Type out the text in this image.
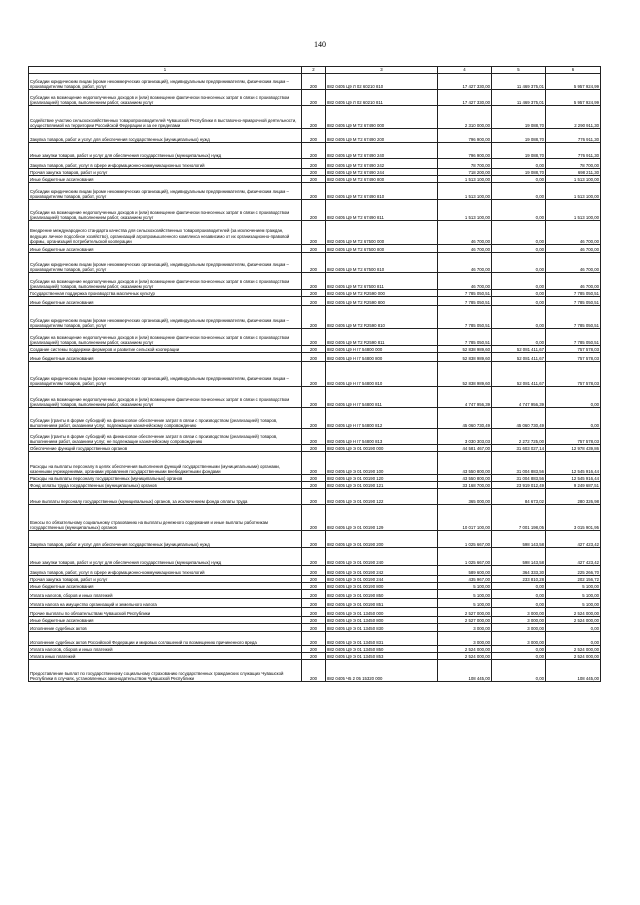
140
1	2	3	4	5	6
Субсидии юридическим лицам (кроме некоммерческих организаций), индивидуальным предпринимателям, физическим лицам – производителям товаров, работ, услуг	200	882 0405 Ц9 Л 02 60210 810	17 427 330,00	11 469 375,01	5 957 924,99
Субсидии на возмещение недополученных доходов и (или) возмещение фактически понесенных затрат в связи с производством (реализацией) товаров, выполнением работ, оказанием услуг	200	882 0405 Ц9 Л 02 60210 811	17 427 330,00	11 469 375,01	5 957 924,99
Содействие участию сельскохозяйственных товаропроизводителей Чувашской Республики в выставочно-ярмарочной деятельности, осуществляемой на территории Российской Федерации и за ее пределами	200	882 0405 Ц9 М Т2 67490 000	2 310 000,00	19 088,70	2 290 911,30
Закупка товаров, работ и услуг для обеспечения государственных (муниципальных) нужд	200	882 0405 Ц9 М Т2 67490 200	796 900,00	19 088,70	776 911,30
Иные закупки товаров, работ и услуг для обеспечения государственных (муниципальных) нужд	200	882 0405 Ц9 М Т2 67490 240	796 900,00	19 088,70	776 911,30
Закупка товаров, работ, услуг в сфере информационно-коммуникационных технологий	200	882 0405 Ц9 М Т2 67490 242	78 700,00	0,00	78 700,00
Прочая закупка товаров, работ и услуг	200	882 0405 Ц9 М Т2 67490 244	718 200,00	19 088,70	698 211,30
Иные бюджетные ассигнования	200	882 0405 Ц9 М Т2 67490 800	1 513 100,00	0,00	1 513 100,00
Субсидии юридическим лицам (кроме некоммерческих организаций), индивидуальным предпринимателям, физическим лицам – производителям товаров, работ, услуг	200	882 0405 Ц9 М Т2 67490 810	1 513 100,00	0,00	1 513 100,00
Субсидии на возмещение недополученных доходов и (или) возмещение фактически понесенных затрат в связи с производством (реализацией) товаров, выполнением работ, оказанием услуг	200	882 0405 Ц9 М Т2 67490 811	1 513 100,00	0,00	1 513 100,00
Внедрение международного стандарта качества для сельскохозяйственных товаропроизводителей (за исключением граждан, ведущих личное подсобное хозяйство), организаций агропромышленного комплекса независимо от их организационно-правовой формы, организаций потребительской кооперации	200	882 0405 Ц9 М Т2 67500 000	46 700,00	0,00	46 700,00
Иные бюджетные ассигнования	200	882 0405 Ц9 М Т2 67500 800	46 700,00	0,00	46 700,00
Субсидии юридическим лицам (кроме некоммерческих организаций), индивидуальным предпринимателям, физическим лицам – производителям товаров, работ, услуг	200	882 0405 Ц9 М Т2 67500 810	46 700,00	0,00	46 700,00
Субсидии на возмещение недополученных доходов и (или) возмещение фактически понесенных затрат в связи с производством (реализацией) товаров, выполнением работ, оказанием услуг	200	882 0405 Ц9 М Т2 67500 811	46 700,00	0,00	46 700,00
Государственная поддержка производства масличных культур	200	882 0405 Ц9 М Т2 R2590 000	7 785 050,51	0,00	7 785 050,51
Иные бюджетные ассигнования	200	882 0405 Ц9 М Т2 R2590 800	7 785 050,51	0,00	7 785 050,51
Субсидии юридическим лицам (кроме некоммерческих организаций), индивидуальным предпринимателям, физическим лицам – производителям товаров, работ, услуг	200	882 0405 Ц9 М Т2 R2590 810	7 785 050,51	0,00	7 785 050,51
Субсидии на возмещение недополученных доходов и (или) возмещение фактически понесенных затрат в связи с производством (реализацией) товаров, выполнением работ, оказанием услуг	200	882 0405 Ц9 М Т2 R2590 811	7 785 050,51	0,00	7 785 050,51
Создание системы поддержки фермеров и развитие сельской кооперации	200	882 0405 Ц9 Н I7 54800 000	52 838 989,60	52 081 411,67	757 578,03
Иные бюджетные ассигнования	200	882 0405 Ц9 Н I7 54800 800	52 838 989,60	52 081 411,67	757 578,03
Субсидии юридическим лицам (кроме некоммерческих организаций), индивидуальным предпринимателям, физическим лицам – производителям товаров, работ, услуг	200	882 0405 Ц9 Н I7 54800 810	52 838 989,60	52 081 411,67	757 578,03
Субсидии на возмещение недополученных доходов и (или) возмещение фактически понесенных затрат в связи с производством (реализацией) товаров, выполнением работ, оказанием услуг	200	882 0405 Ц9 Н I7 54800 811	4 747 956,39	4 747 956,39	0,00
Субсидии (гранты в форме субсидий) на финансовое обеспечение затрат в связи с производством (реализацией) товаров, выполнением работ, оказанием услуг, подлежащие казначейскому сопровождению	200	882 0405 Ц9 Н I7 54800 812	45 060 730,49	45 060 730,49	0,00
Субсидии (гранты в форме субсидий) на финансовое обеспечение затрат в связи с производством (реализацией) товаров, выполнением работ, оказанием услуг, не подлежащие казначейскому сопровождению	200	882 0405 Ц9 Н I7 54800 813	3 030 303,03	2 272 725,00	757 578,03
Обеспечение функций государственных органов	200	882 0405 Ц9 Э 01 00190 000	44 581 467,00	31 603 027,14	12 978 439,86
Расходы на выплаты персоналу в целях обеспечения выполнения функций государственными (муниципальными) органами, казенными учреждениями, органами управления государственными внебюджетными фондами	200	882 0405 Ц9 Э 01 00190 100	43 550 800,00	31 004 883,56	12 545 916,44
Расходы на выплаты персоналу государственных (муниципальных) органов	200	882 0405 Ц9 Э 01 00190 120	43 550 800,00	31 004 883,56	12 545 916,44
Фонд оплаты труда государственных (муниципальных) органов	200	882 0405 Ц9 Э 01 00190 121	33 168 700,00	23 919 012,49	9 249 687,51
Иные выплаты персоналу государственных (муниципальных) органов, за исключением фонда оплаты труда	200	882 0405 Ц9 Э 01 00190 122	365 000,00	84 673,02	280 326,98
Взносы по обязательному социальному страхованию на выплаты денежного содержания и иные выплаты работникам государственных (муниципальных) органов	200	882 0405 Ц9 Э 01 00190 129	10 017 100,00	7 001 198,05	3 015 901,95
Закупка товаров, работ и услуг для обеспечения государственных (муниципальных) нужд	200	882 0405 Ц9 Э 01 00190 200	1 025 667,00	598 143,58	427 423,42
Иные закупки товаров, работ и услуг для обеспечения государственных (муниципальных) нужд	200	882 0405 Ц9 Э 01 00190 240	1 025 667,00	598 143,58	427 423,42
Закупка товаров, работ, услуг в сфере информационно-коммуникационных технологий	200	882 0405 Ц9 Э 01 00190 242	589 600,00	364 333,30	225 266,70
Прочая закупка товаров, работ и услуг	200	882 0405 Ц9 Э 01 00190 244	435 967,00	233 810,28	202 156,72
Иные бюджетные ассигнования	200	882 0405 Ц9 Э 01 00190 800	5 100,00	0,00	5 100,00
Уплата налогов, сборов и иных платежей	200	882 0405 Ц9 Э 01 00190 850	5 100,00	0,00	5 100,00
Уплата налога на имущество организаций и земельного налога	200	882 0405 Ц9 Э 01 00190 851	5 100,00	0,00	5 100,00
Прочие выплаты по обязательствам Чувашской Республики	200	882 0405 Ц9 Э 01 13450 000	2 527 000,00	3 000,00	2 524 000,00
Иные бюджетные ассигнования	200	882 0405 Ц9 Э 01 13450 800	2 527 000,00	3 000,00	2 524 000,00
Исполнение судебных актов	200	882 0405 Ц9 Э 01 13450 830	3 000,00	3 000,00	0,00
Исполнение судебных актов Российской Федерации и мировых соглашений по возмещению причиненного вреда	200	882 0405 Ц9 Э 01 13450 831	3 000,00	3 000,00	0,00
Уплата налогов, сборов и иных платежей	200	882 0405 Ц9 Э 01 13450 850	2 524 000,00	0,00	2 524 000,00
Уплата иных платежей	200	882 0405 Ц9 Э 01 13450 853	2 524 000,00	0,00	2 524 000,00
Предоставление выплат по государственному социальному страхованию государственных гражданских служащих Чувашской Республики в случаях, установленных законодательством Чувашской Республики	200	882 0405 Ч5 2 05 15320 000	108 445,00	0,00	108 445,00
